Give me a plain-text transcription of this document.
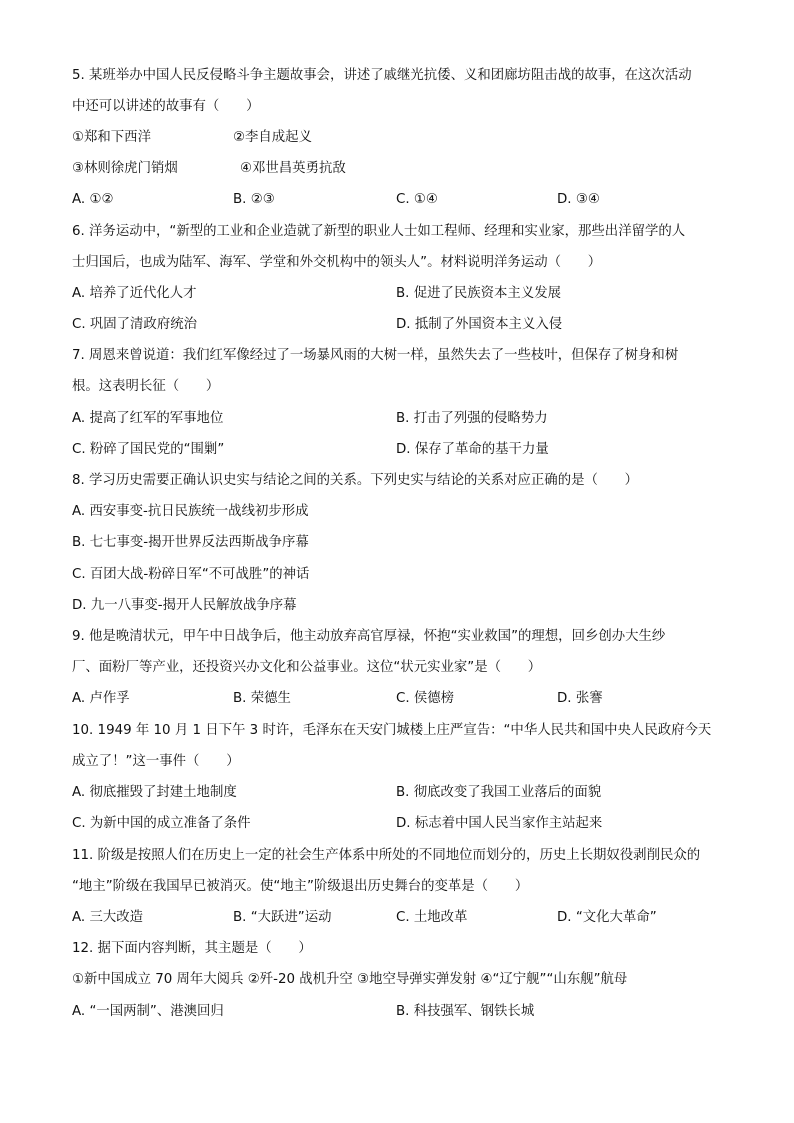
5. 某班举办中国人民反侵略斗争主题故事会，讲述了戚继光抗倭、义和团廊坊阻击战的故事，在这次活动
中还可以讲述的故事有（　　）
①郑和下西洋	②李自成起义
③林则徐虎门销烟	④邓世昌英勇抗敌
A. ①②	B. ②③	C. ①④	D. ③④
6. 洋务运动中，“新型的工业和企业造就了新型的职业人士如工程师、经理和实业家，那些出洋留学的人
士归国后，也成为陆军、海军、学堂和外交机构中的领头人”。材料说明洋务运动（　　）
A. 培养了近代化人才	B. 促进了民族资本主义发展
C. 巩固了清政府统治	D. 抵制了外国资本主义入侵
7. 周恩来曾说道：我们红军像经过了一场暴风雨的大树一样，虽然失去了一些枝叶，但保存了树身和树
根。这表明长征（　　）
A. 提高了红军的军事地位	B. 打击了列强的侵略势力
C. 粉碎了国民党的“围剿”	D. 保存了革命的基干力量
8. 学习历史需要正确认识史实与结论之间的关系。下列史实与结论的关系对应正确的是（　　）
A. 西安事变-抗日民族统一战线初步形成
B. 七七事变-揭开世界反法西斯战争序幕
C. 百团大战-粉碎日军“不可战胜”的神话
D. 九一八事变-揭开人民解放战争序幕
9. 他是晚清状元，甲午中日战争后，他主动放弃高官厚禄，怀抱“实业救国”的理想，回乡创办大生纱
厂、面粉厂等产业，还投资兴办文化和公益事业。这位“状元实业家”是（　　）
A. 卢作孚	B. 荣德生	C. 侯德榜	D. 张謇
10. 1949 年 10 月 1 日下午 3 时许，毛泽东在天安门城楼上庄严宣告：“中华人民共和国中央人民政府今天
成立了！”这一事件（　　）
A. 彻底摧毁了封建土地制度	B. 彻底改变了我国工业落后的面貌
C. 为新中国的成立准备了条件	D. 标志着中国人民当家作主站起来
11. 阶级是按照人们在历史上一定的社会生产体系中所处的不同地位而划分的，历史上长期奴役剥削民众的
“地主”阶级在我国早已被消灭。使“地主”阶级退出历史舞台的变革是（　　）
A. 三大改造	B. “大跃进”运动	C. 土地改革	D. “文化大革命”
12. 据下面内容判断，其主题是（　　）
①新中国成立 70 周年大阅兵 ②歼-20 战机升空 ③地空导弹实弹发射 ④“辽宁舰”“山东舰”航母
A. “一国两制”、港澳回归	B. 科技强军、钢铁长城
